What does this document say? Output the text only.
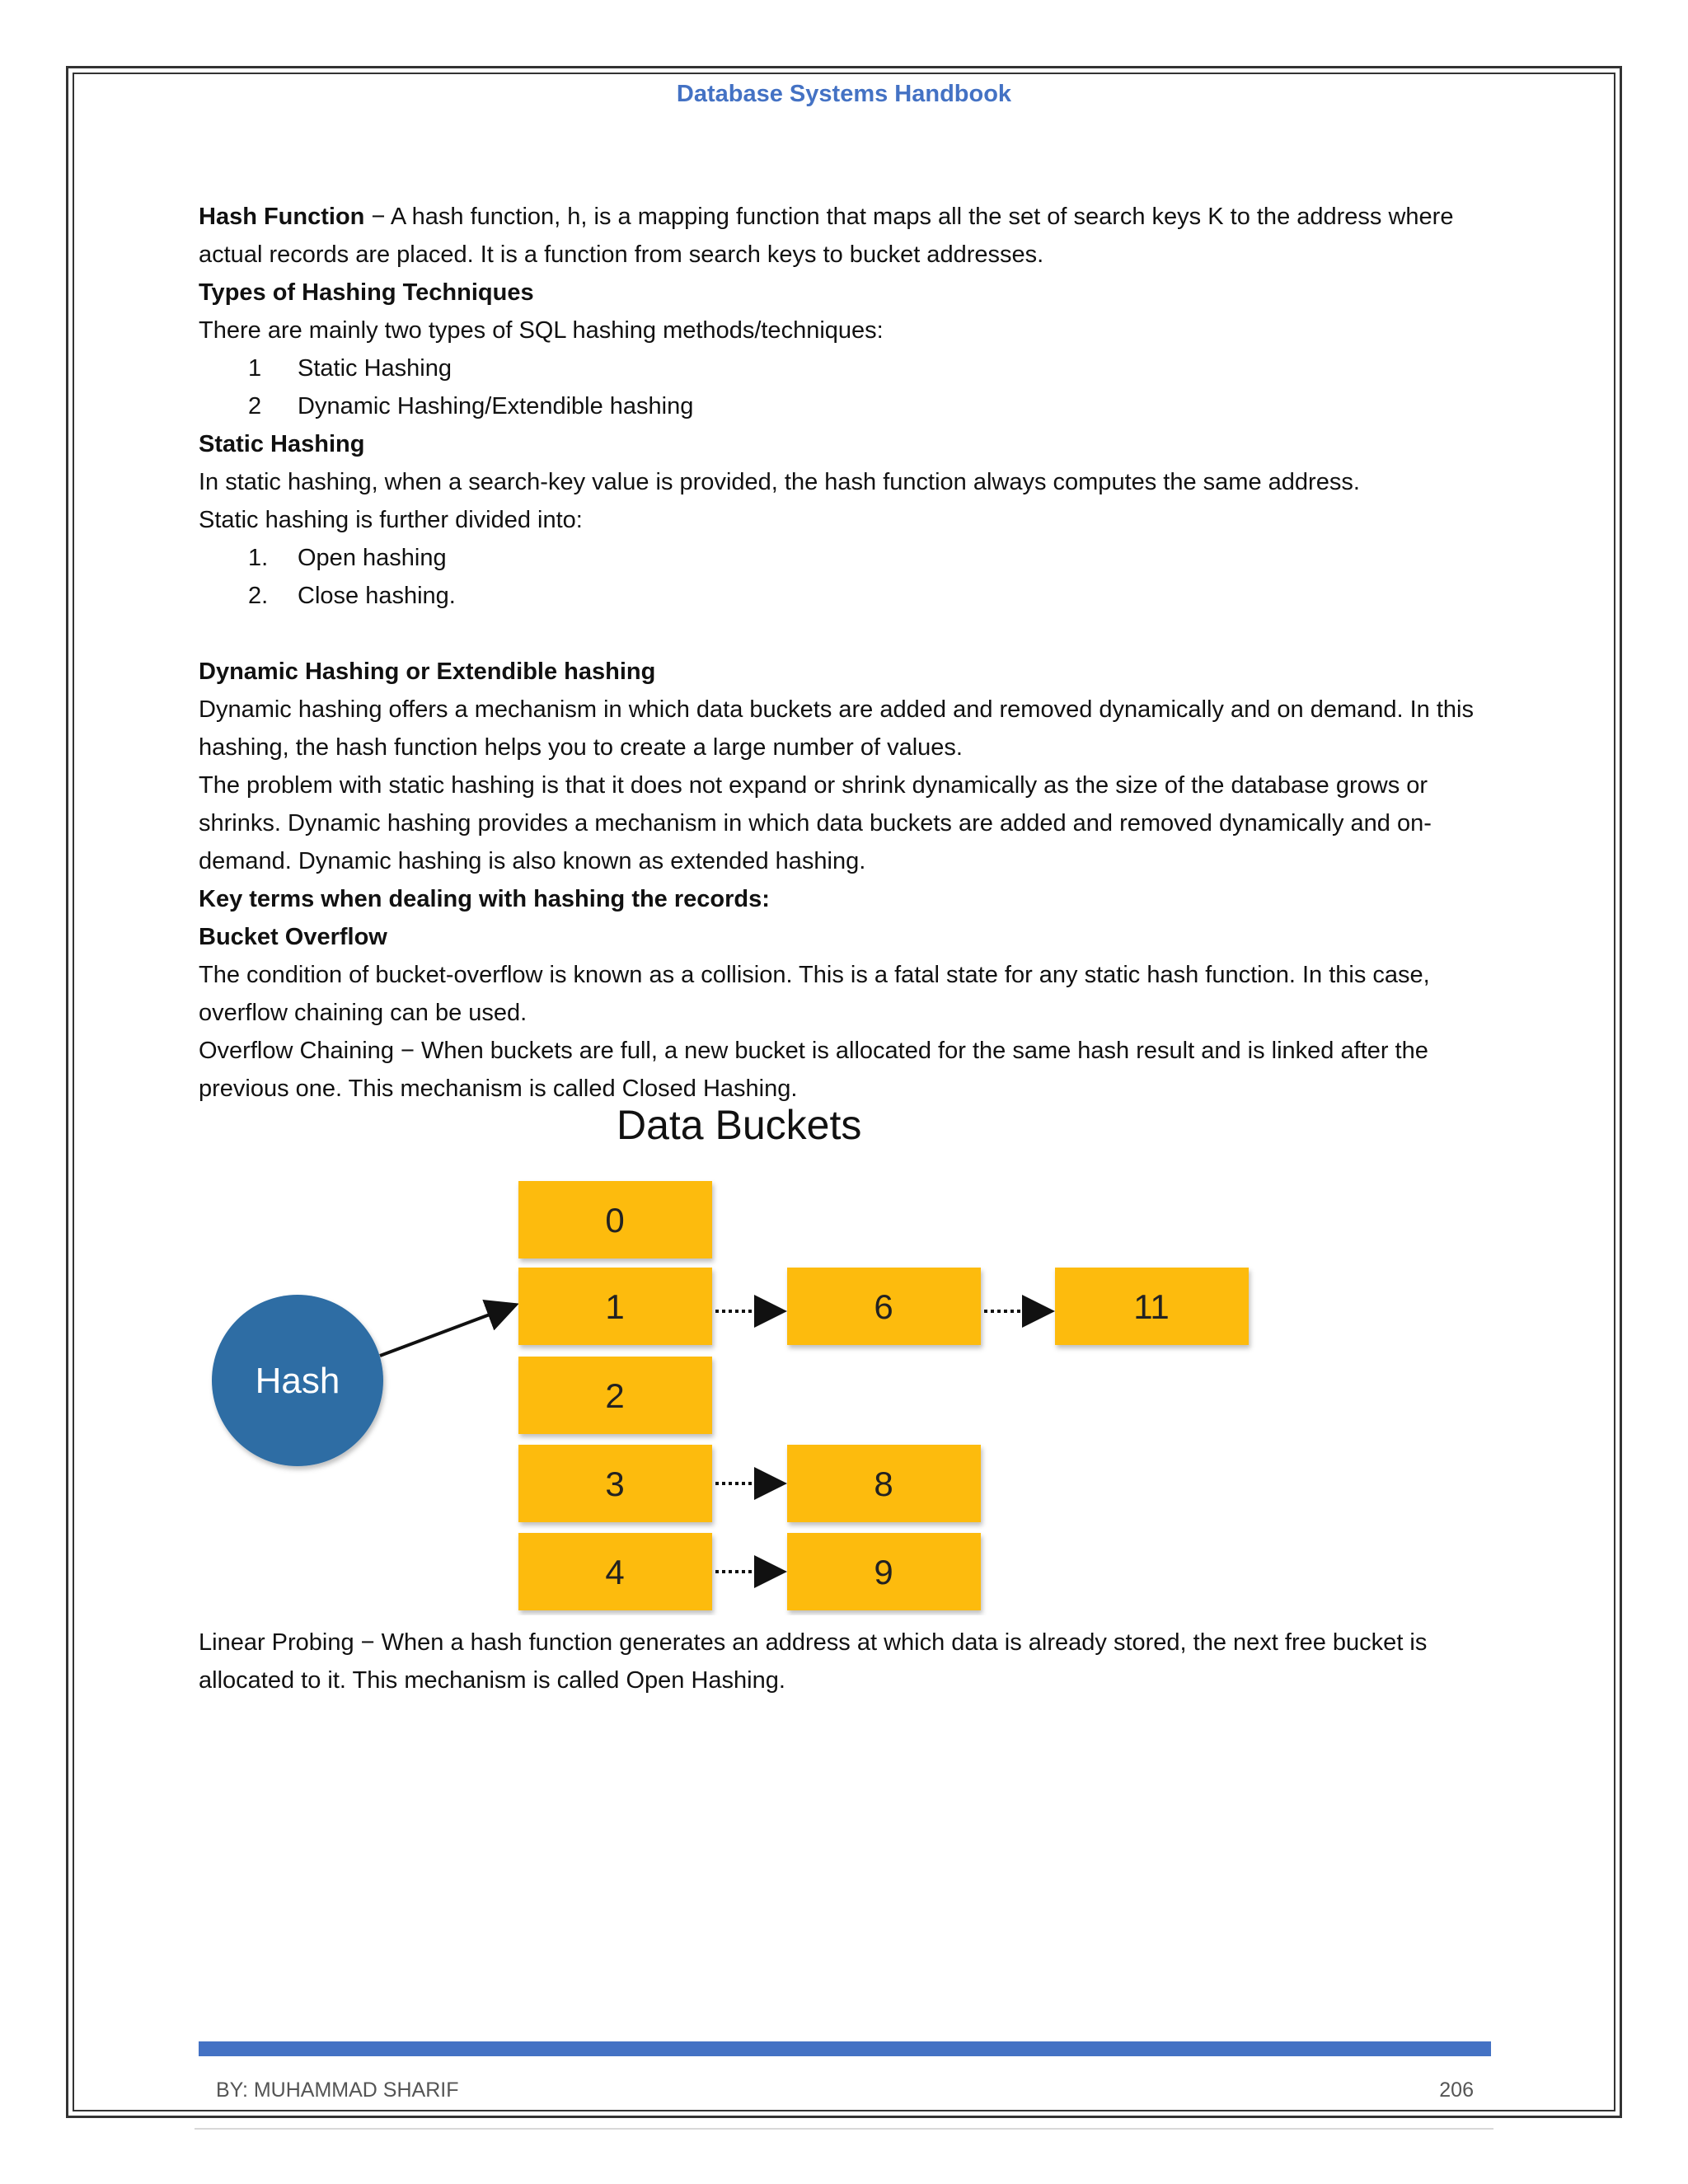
Database Systems Handbook

Hash Function − A hash function, h, is a mapping function that maps all the set of search keys K to the address where actual records are placed. It is a function from search keys to bucket addresses.

Types of Hashing Techniques

There are mainly two types of SQL hashing methods/techniques:

1	Static Hashing

2	Dynamic Hashing/Extendible hashing

Static Hashing

In static hashing, when a search-key value is provided, the hash function always computes the same address.

Static hashing is further divided into:

1.	Open hashing

2.	Close hashing.

Dynamic Hashing or Extendible hashing

Dynamic hashing offers a mechanism in which data buckets are added and removed dynamically and on demand. In this hashing, the hash function helps you to create a large number of values.

The problem with static hashing is that it does not expand or shrink dynamically as the size of the database grows or shrinks. Dynamic hashing provides a mechanism in which data buckets are added and removed dynamically and on-demand. Dynamic hashing is also known as extended hashing.

Key terms when dealing with hashing the records:

Bucket Overflow

The condition of bucket-overflow is known as a collision. This is a fatal state for any static hash function. In this case, overflow chaining can be used.

Overflow Chaining − When buckets are full, a new bucket is allocated for the same hash result and is linked after the previous one. This mechanism is called Closed Hashing.

Data Buckets
Hash
0
1
2
3
4
6	11
8
9

Linear Probing − When a hash function generates an address at which data is already stored, the next free bucket is allocated to it. This mechanism is called Open Hashing.

BY: MUHAMMAD SHARIF	206
